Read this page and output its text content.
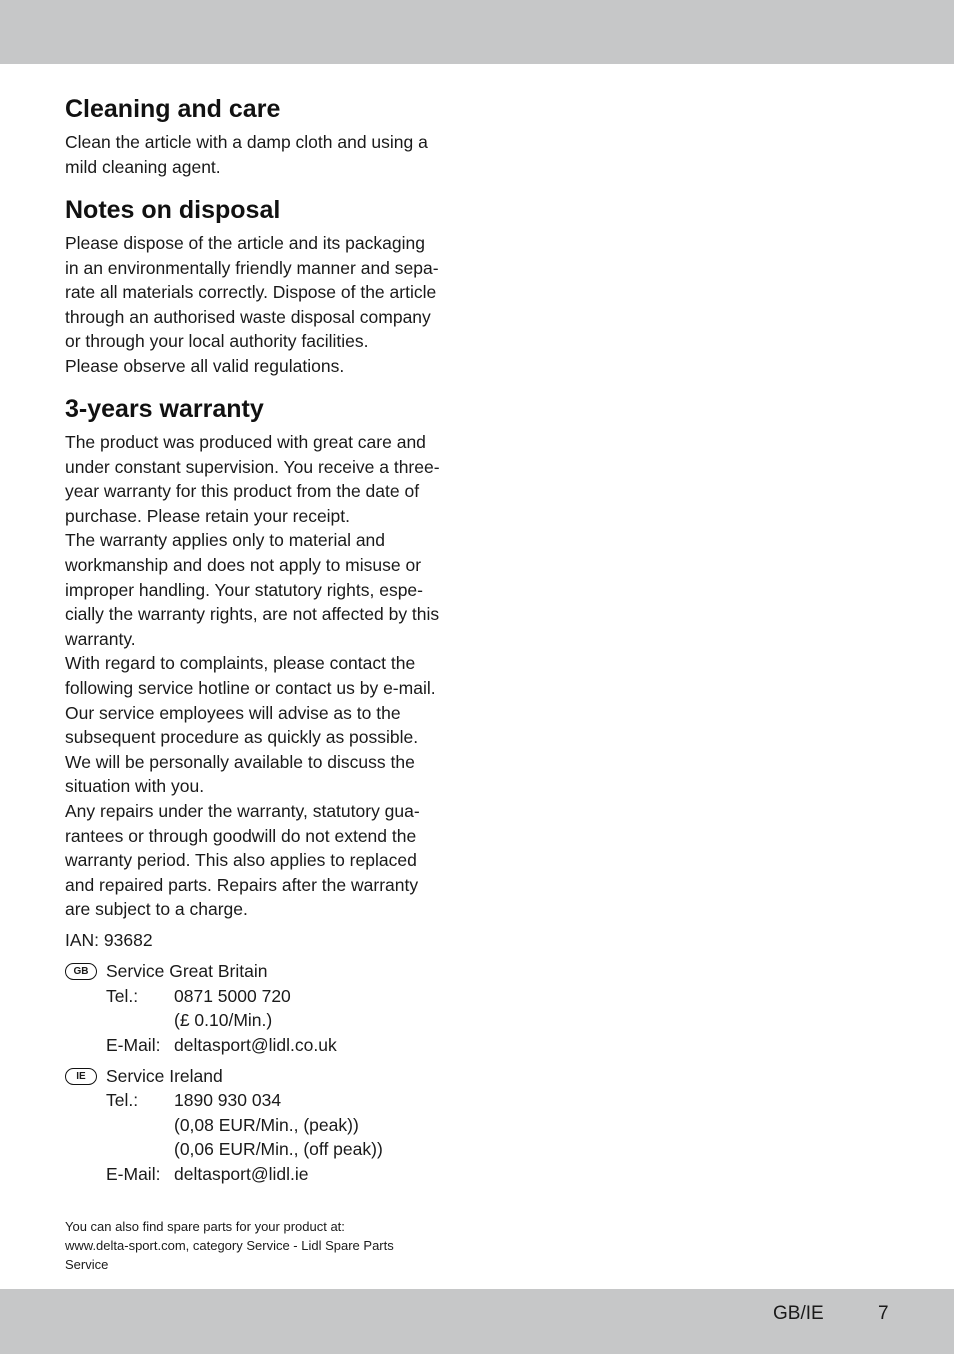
Cleaning and care

Clean the article with a damp cloth and using a
mild cleaning agent.

Notes on disposal

Please dispose of the article and its packaging
in an environmentally friendly manner and sepa-
rate all materials correctly. Dispose of the article
through an authorised waste disposal company
or through your local authority facilities.
Please observe all valid regulations.

3-years warranty

The product was produced with great care and
under constant supervision. You receive a three-
year warranty for this product from the date of
purchase. Please retain your receipt.
The warranty applies only to material and
workmanship and does not apply to misuse or
improper handling. Your statutory rights, espe-
cially the warranty rights, are not affected by this
warranty.
With regard to complaints, please contact the
following service hotline or contact us by e-mail.
Our service employees will advise as to the
subsequent procedure as quickly as possible.
We will be personally available to discuss the
situation with you.
Any repairs under the warranty, statutory gua-
rantees or through goodwill do not extend the
warranty period. This also applies to replaced
and repaired parts. Repairs after the warranty
are subject to a charge.

IAN: 93682
GB	Service Great Britain
Tel.: 0871 5000 720
(£ 0.10/Min.)
E-Mail: deltasport@lidl.co.uk
IE	Service Ireland
Tel.: 1890 930 034
(0,08 EUR/Min., (peak))
(0,06 EUR/Min., (off peak))
E-Mail: deltasport@lidl.ie
You can also find spare parts for your product at:
www.delta-sport.com, category Service - Lidl Spare Parts
Service
GB/IE	7
